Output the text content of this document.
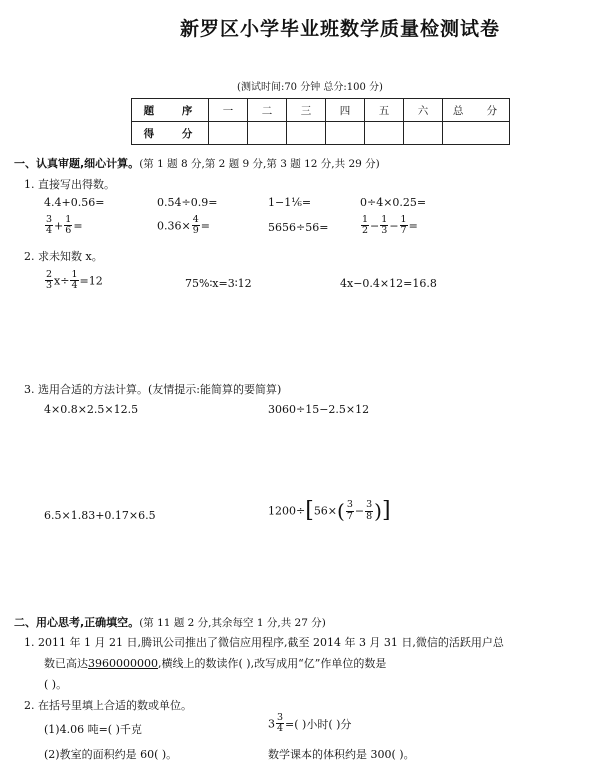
新罗区小学毕业班数学质量检测试卷
(测试时间:70 分钟 总分:100 分)
题 序	一	二	三	四	五	六	总 分
得 分							
一、认真审题,细心计算。(第 1 题 8 分,第 2 题 9 分,第 3 题 12 分,共 29 分)
1. 直接写出得数。
4.4+0.56=	0.54÷0.9=	1−1⅙=	0÷4×0.25=
$\frac{3}{4} + \frac{1}{6}$ =	$0.36\times \frac{4}{9}$ =	5656÷56=	$\frac{1}{2} - \frac{1}{3} - \frac{1}{7}$ =
2. 求未知数 x。
$\frac{2}{3} x\div \frac{1}{4} =12$	75%∶x=3∶12	4x−0.4×12=16.8
3. 选用合适的方法计算。(友情提示:能简算的要简算)
4×0.8×2.5×12.5	3060÷15−2.5×12
6.5×1.83+0.17×6.5	$1200\div[56\times( \frac{3}{7} - \frac{3}{8}$ )]
二、用心思考,正确填空。(第 11 题 2 分,其余每空 1 分,共 27 分)
1. 2011 年 1 月 21 日,腾讯公司推出了微信应用程序,截至 2014 年 3 月 31 日,微信的活跃用户总
数已高达3960000000,横线上的数读作( ),改写成用“亿”作单位的数是
( )。
2. 在括号里填上合适的数或单位。
(1)4.06 吨=( )千克	$3 \frac{3}{4}$ =( )小时( )分
(2)教室的面积约是 60( )。	数学课本的体积约是 300( )。
